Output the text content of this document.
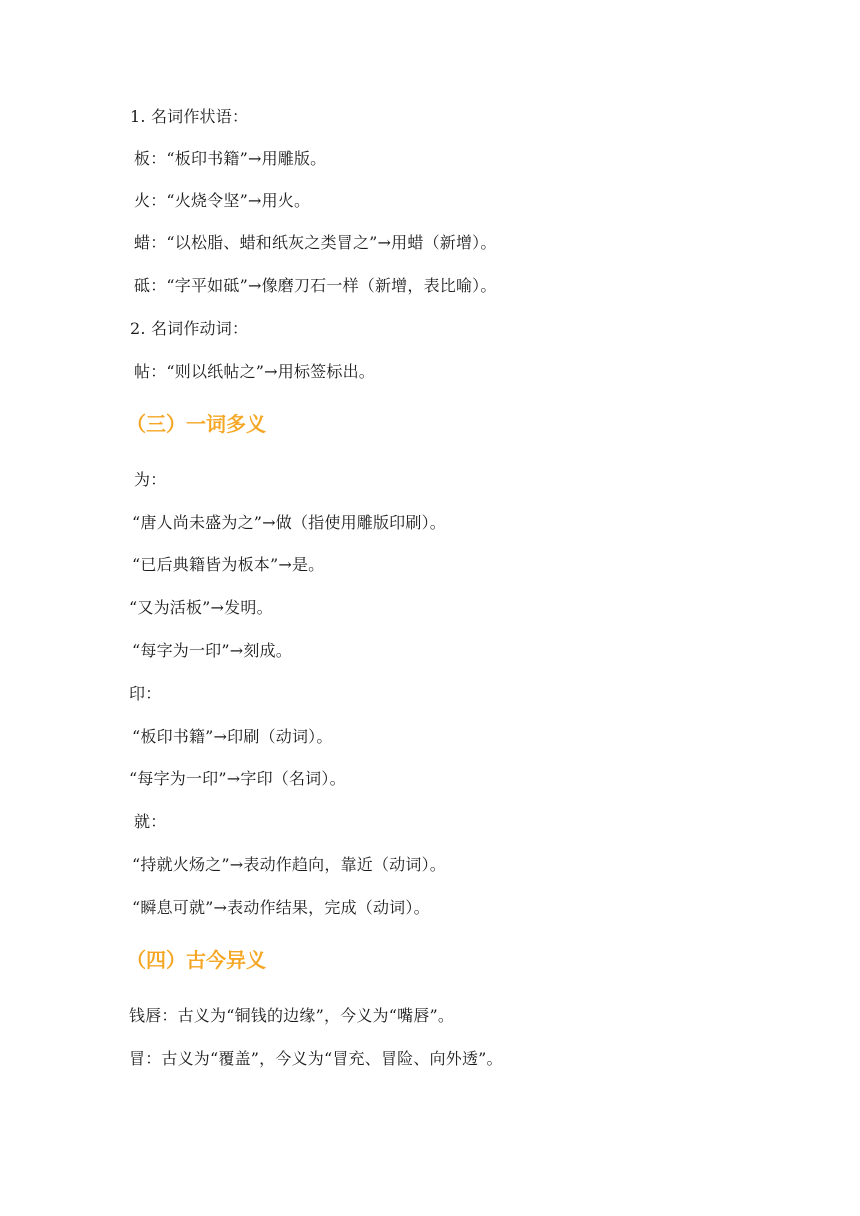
1. 名词作状语：
板：“板印书籍”→用雕版。
火：“火烧令坚”→用火。
蜡：“以松脂、蜡和纸灰之类冒之”→用蜡（新增）。
砥：“字平如砥”→像磨刀石一样（新增，表比喻）。
2. 名词作动词：
帖：“则以纸帖之”→用标签标出。
（三）一词多义
为：
“唐人尚未盛为之”→做（指使用雕版印刷）。
“已后典籍皆为板本”→是。
“又为活板”→发明。
“每字为一印”→刻成。
印：
“板印书籍”→印刷（动词）。
“每字为一印”→字印（名词）。
就：
“持就火炀之”→表动作趋向，靠近（动词）。
“瞬息可就”→表动作结果，完成（动词）。
（四）古今异义
钱唇：古义为“铜钱的边缘”，今义为“嘴唇”。
冒：古义为“覆盖”，今义为“冒充、冒险、向外透”。
